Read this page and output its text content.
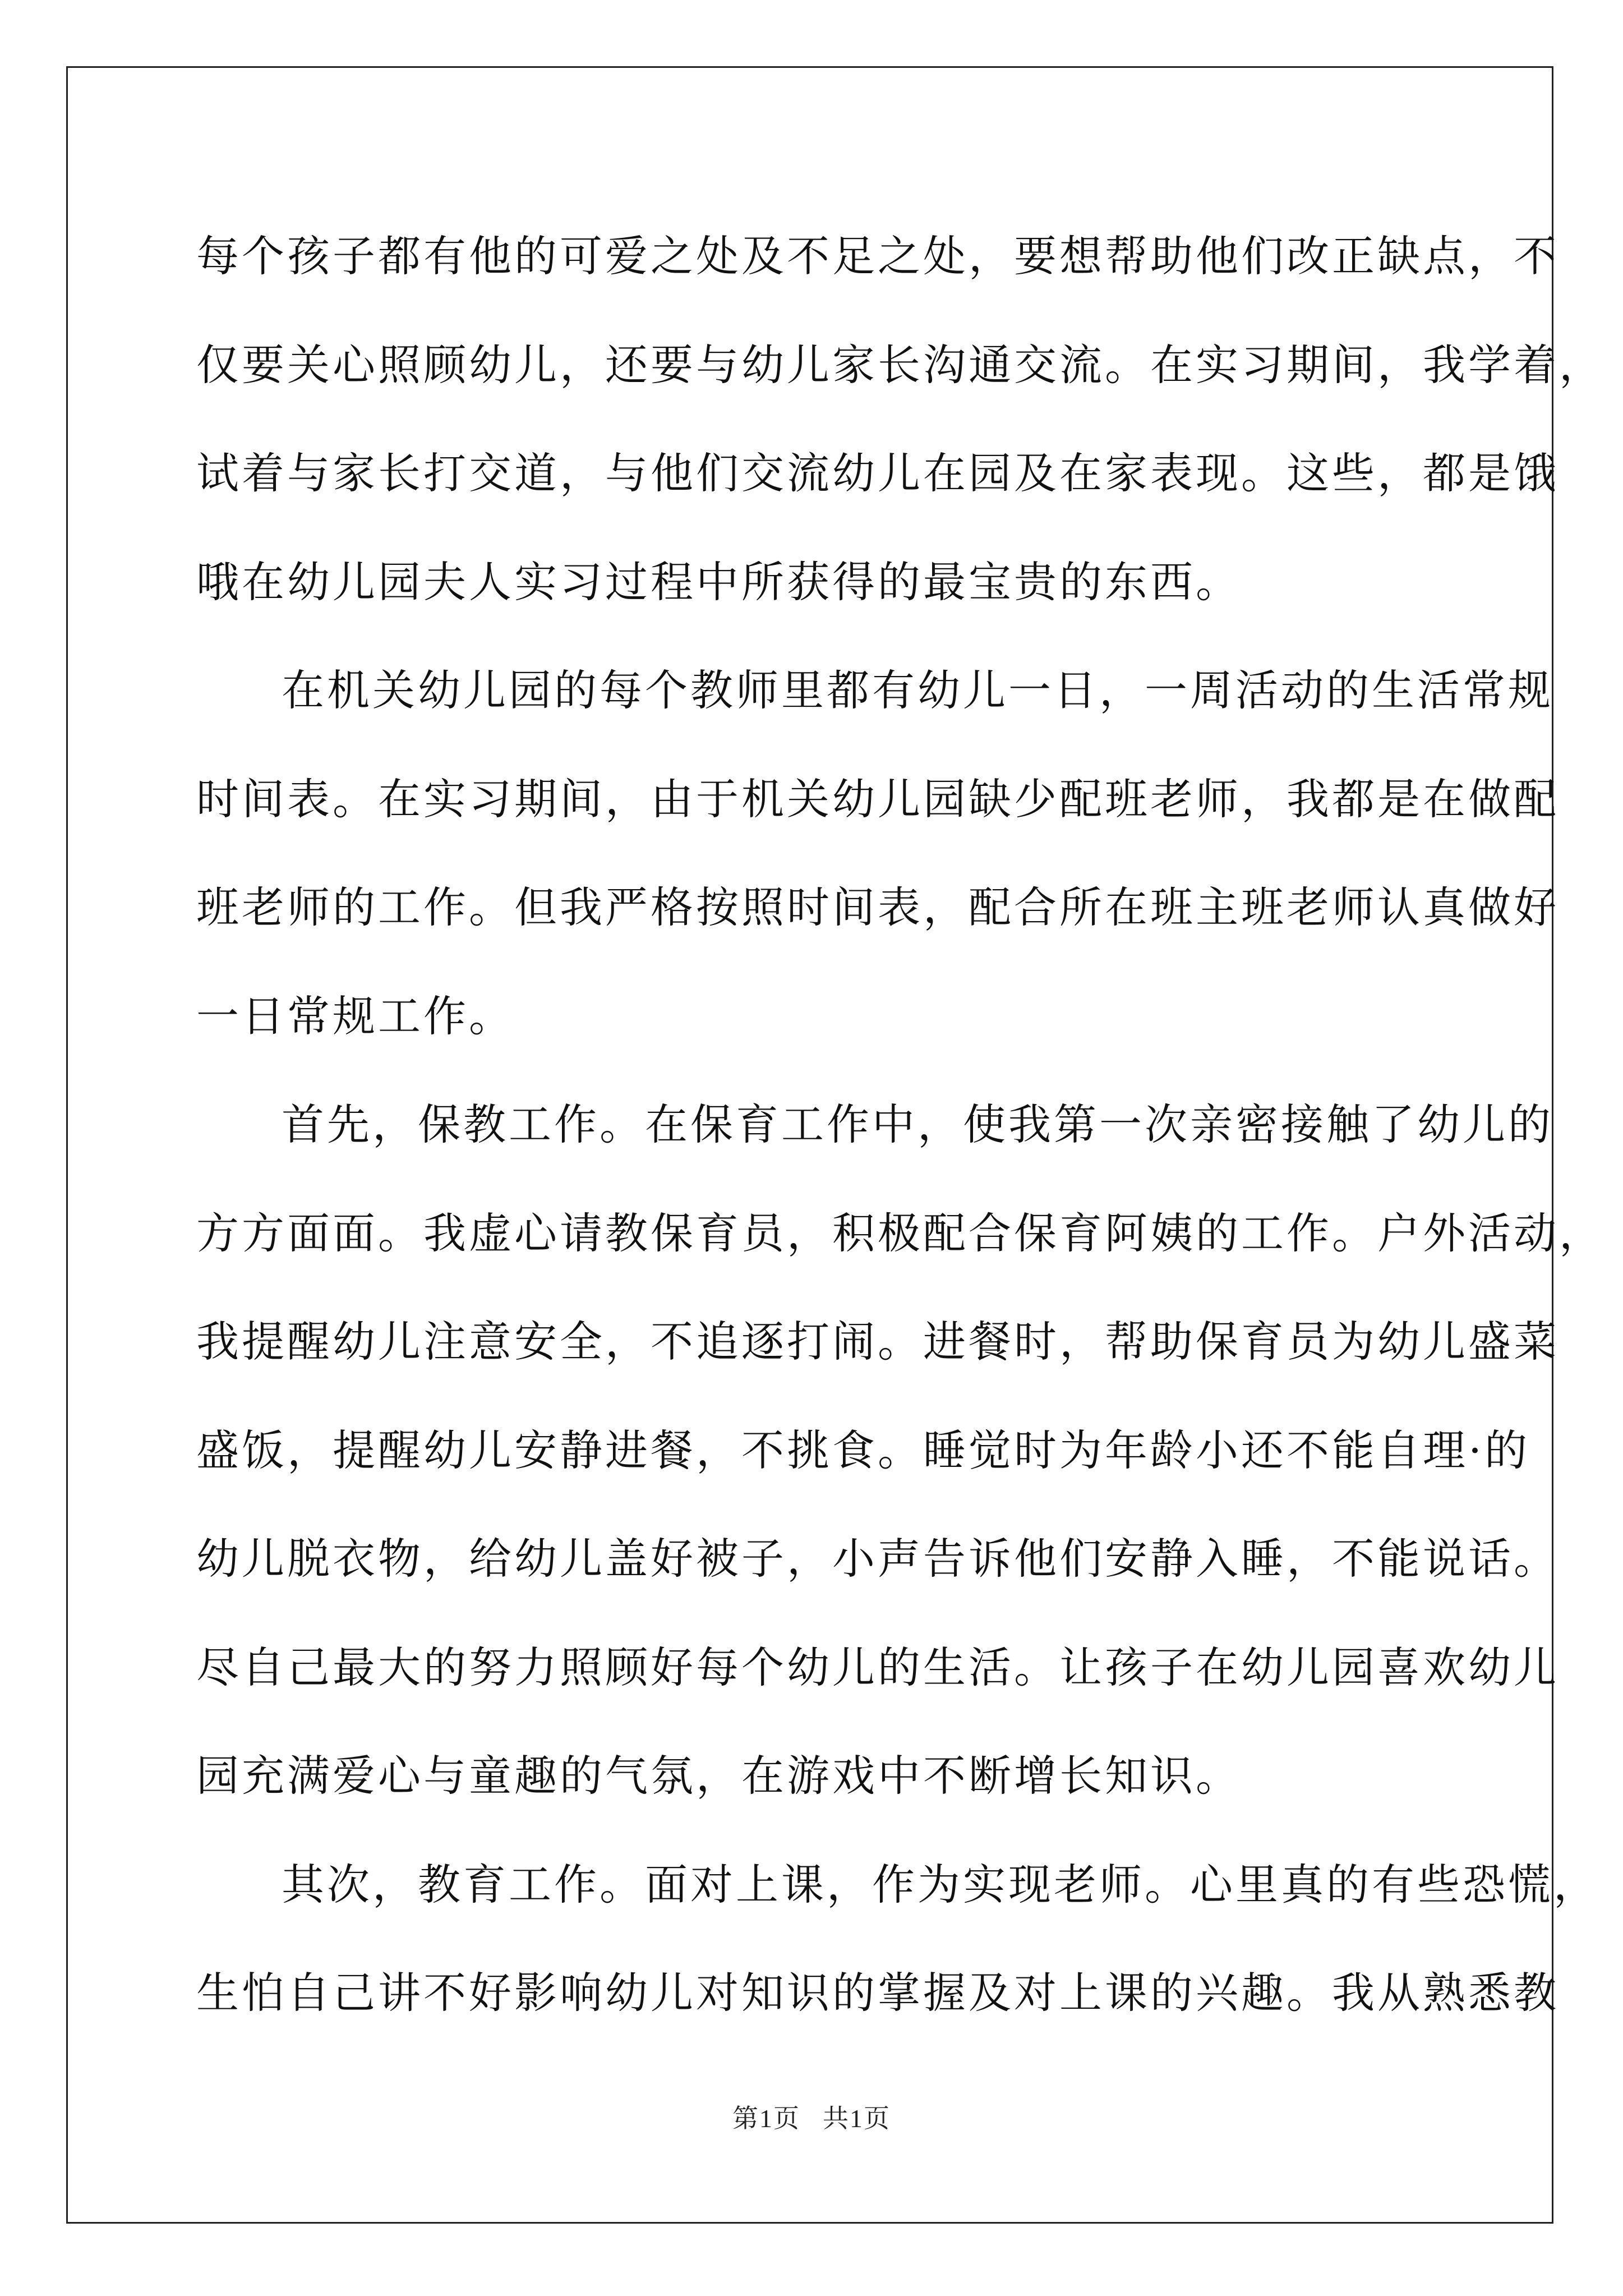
每个孩子都有他的可爱之处及不足之处，要想帮助他们改正缺点，不
仅要关心照顾幼儿，还要与幼儿家长沟通交流。在实习期间，我学着，
试着与家长打交道，与他们交流幼儿在园及在家表现。这些，都是饿
哦在幼儿园夫人实习过程中所获得的最宝贵的东西。
在机关幼儿园的每个教师里都有幼儿一日，一周活动的生活常规
时间表。在实习期间，由于机关幼儿园缺少配班老师，我都是在做配
班老师的工作。但我严格按照时间表，配合所在班主班老师认真做好
一日常规工作。
首先，保教工作。在保育工作中，使我第一次亲密接触了幼儿的
方方面面。我虚心请教保育员，积极配合保育阿姨的工作。户外活动，
我提醒幼儿注意安全，不追逐打闹。进餐时，帮助保育员为幼儿盛菜
盛饭，提醒幼儿安静进餐，不挑食。睡觉时为年龄小还不能自理·的
幼儿脱衣物，给幼儿盖好被子，小声告诉他们安静入睡，不能说话。
尽自己最大的努力照顾好每个幼儿的生活。让孩子在幼儿园喜欢幼儿
园充满爱心与童趣的气氛，在游戏中不断增长知识。
其次，教育工作。面对上课，作为实现老师。心里真的有些恐慌，
生怕自己讲不好影响幼儿对知识的掌握及对上课的兴趣。我从熟悉教
第1页 共1页
